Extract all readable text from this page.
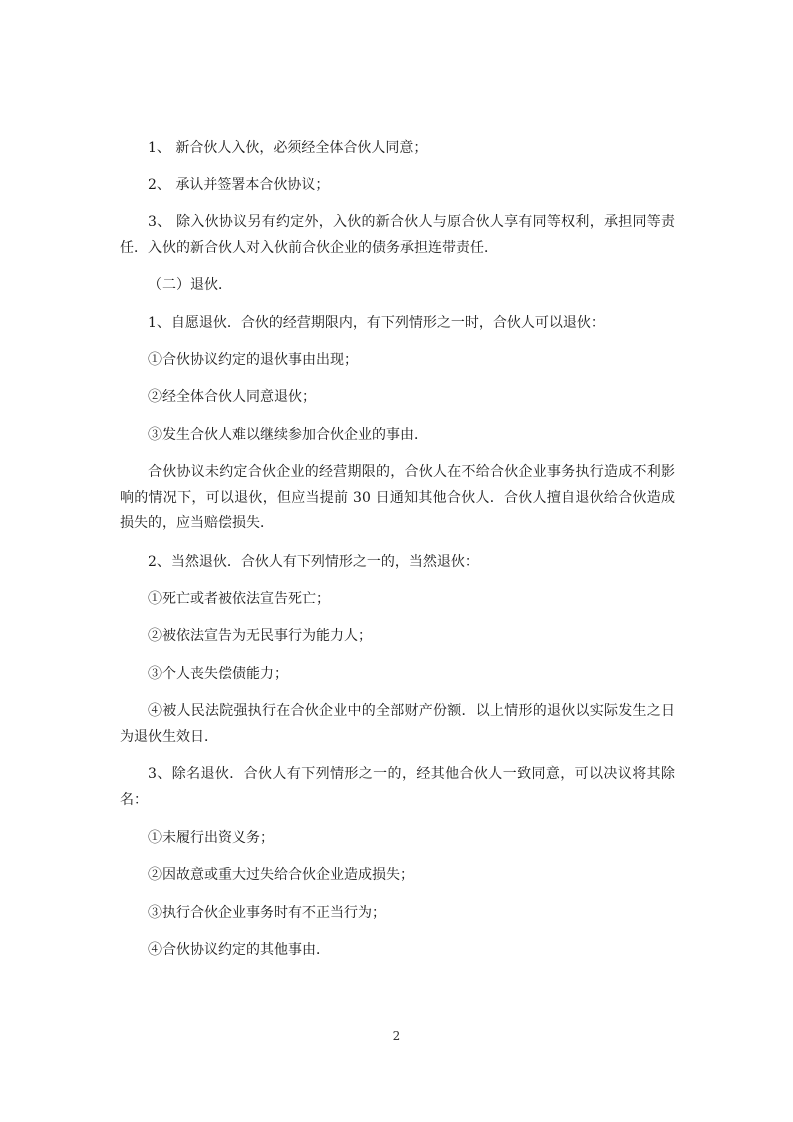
1、 新合伙人入伙，必须经全体合伙人同意；

2、 承认并签署本合伙协议；

3、 除入伙协议另有约定外，入伙的新合伙人与原合伙人享有同等权利，承担同等责任．入伙的新合伙人对入伙前合伙企业的债务承担连带责任．

（二）退伙．

1、自愿退伙．合伙的经营期限内，有下列情形之一时，合伙人可以退伙：

①合伙协议约定的退伙事由出现；

②经全体合伙人同意退伙；

③发生合伙人难以继续参加合伙企业的事由．

合伙协议未约定合伙企业的经营期限的，合伙人在不给合伙企业事务执行造成不利影响的情况下，可以退伙，但应当提前 30 日通知其他合伙人．合伙人擅自退伙给合伙造成损失的，应当赔偿损失．

2、当然退伙．合伙人有下列情形之一的，当然退伙：

①死亡或者被依法宣告死亡；

②被依法宣告为无民事行为能力人；

③个人丧失偿债能力；

④被人民法院强执行在合伙企业中的全部财产份额．以上情形的退伙以实际发生之日为退伙生效日．

3、除名退伙．合伙人有下列情形之一的，经其他合伙人一致同意，可以决议将其除名：

①未履行出资义务；

②因故意或重大过失给合伙企业造成损失；

③执行合伙企业事务时有不正当行为；

④合伙协议约定的其他事由．

2
